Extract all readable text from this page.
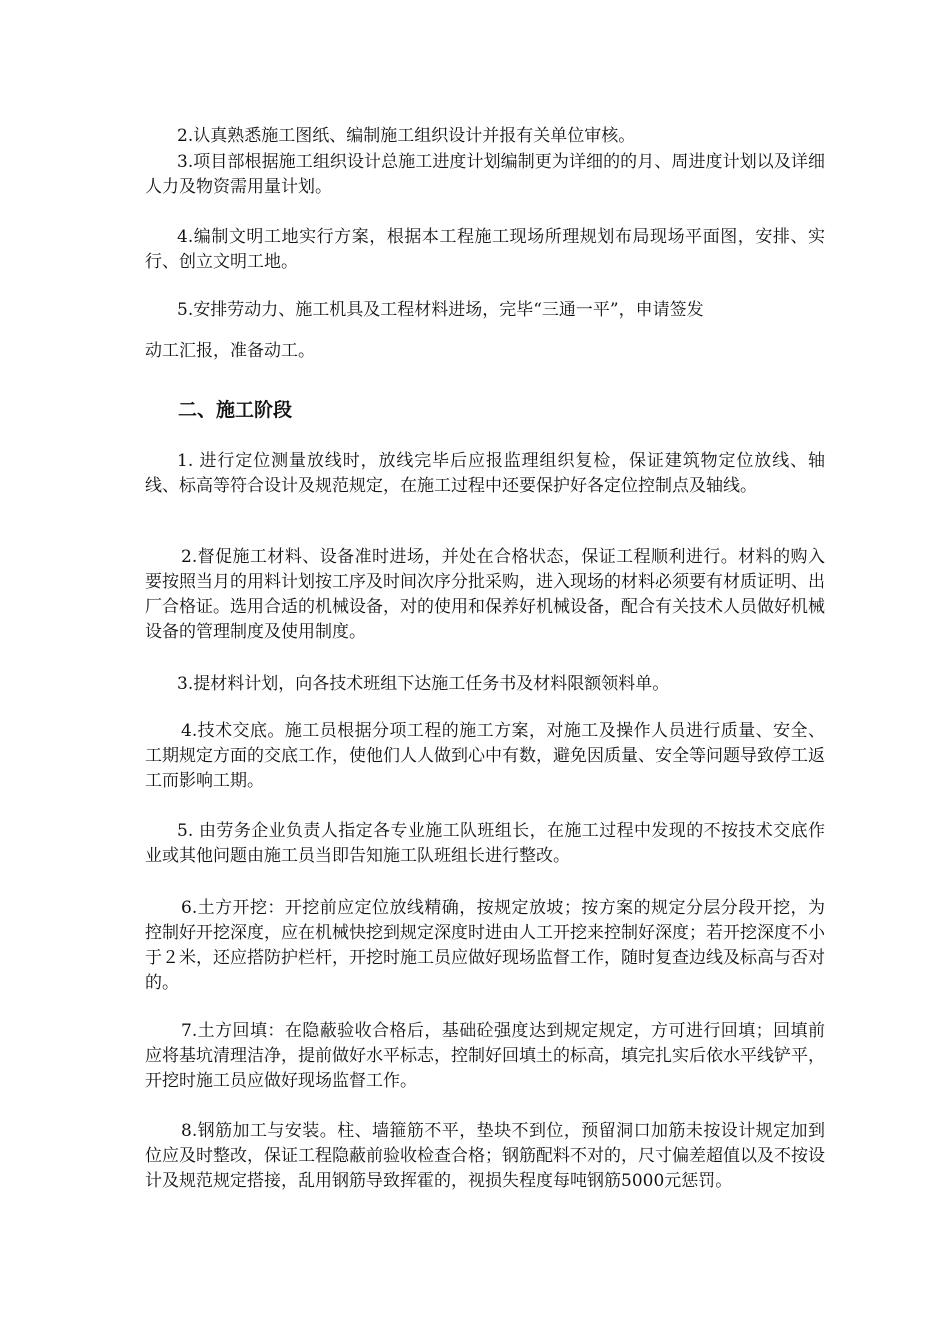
2.认真熟悉施工图纸、编制施工组织设计并报有关单位审核。

3.项目部根据施工组织设计总施工进度计划编制更为详细的的月、周进度计划以及详细人力及物资需用量计划。

4.编制文明工地实行方案，根据本工程施工现场所理规划布局现场平面图，安排、实行、创立文明工地。

5.安排劳动力、施工机具及工程材料进场，完毕“三通一平”，申请签发

动工汇报，准备动工。

二、施工阶段

1. 进行定位测量放线时，放线完毕后应报监理组织复检，保证建筑物定位放线、轴线、标高等符合设计及规范规定，在施工过程中还要保护好各定位控制点及轴线。

2.督促施工材料、设备准时进场，并处在合格状态，保证工程顺利进行。材料的购入要按照当月的用料计划按工序及时间次序分批采购，进入现场的材料必须要有材质证明、出厂合格证。选用合适的机械设备，对的使用和保养好机械设备，配合有关技术人员做好机械设备的管理制度及使用制度。

3.提材料计划，向各技术班组下达施工任务书及材料限额领料单。

4.技术交底。施工员根据分项工程的施工方案，对施工及操作人员进行质量、安全、工期规定方面的交底工作，使他们人人做到心中有数，避免因质量、安全等问题导致停工返工而影响工期。

5. 由劳务企业负责人指定各专业施工队班组长，在施工过程中发现的不按技术交底作业或其他问题由施工员当即告知施工队班组长进行整改。

6.土方开挖：开挖前应定位放线精确，按规定放坡；按方案的规定分层分段开挖，为控制好开挖深度，应在机械快挖到规定深度时进由人工开挖来控制好深度；若开挖深度不小于２米，还应搭防护栏杆，开挖时施工员应做好现场监督工作，随时复查边线及标高与否对的。

7.土方回填：在隐蔽验收合格后，基础砼强度达到规定规定，方可进行回填；回填前应将基坑清理洁净，提前做好水平标志，控制好回填土的标高，填完扎实后依水平线铲平，开挖时施工员应做好现场监督工作。

8.钢筋加工与安装。柱、墙箍筋不平，垫块不到位，预留洞口加筋未按设计规定加到位应及时整改，保证工程隐蔽前验收检查合格；钢筋配料不对的，尺寸偏差超值以及不按设计及规范规定搭接，乱用钢筋导致挥霍的，视损失程度每吨钢筋5000元惩罚。
